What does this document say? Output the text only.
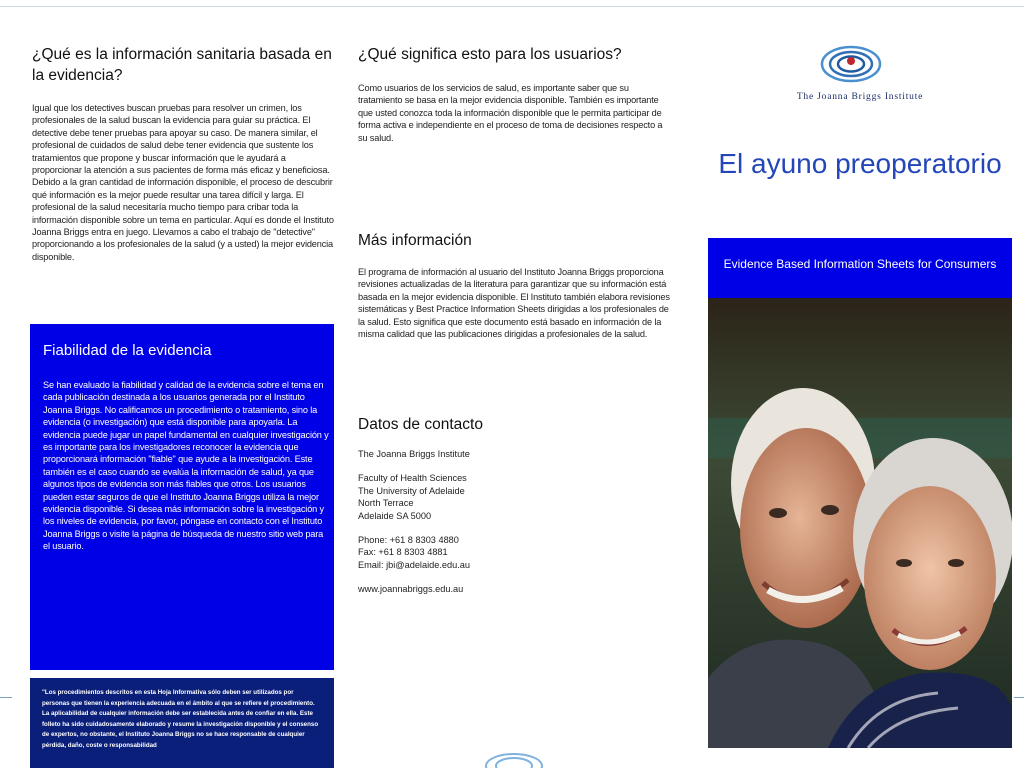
¿Qué es la información sanitaria basada en la evidencia?
Igual que los detectives buscan pruebas para resolver un crimen, los profesionales de la salud buscan la evidencia para guiar su práctica. El detective debe tener pruebas para apoyar su caso. De manera similar, el profesional de cuidados de salud debe tener evidencia que sustente los tratamientos que propone y buscar información que le ayudará a proporcionar la atención a sus pacientes de forma más eficaz y beneficiosa. Debido a la gran cantidad de información disponible, el proceso de descubrir qué información es la mejor puede resultar una tarea difícil y larga. El profesional de la salud necesitaría mucho tiempo para cribar toda la información disponible sobre un tema en particular. Aquí es donde el Instituto Joanna Briggs entra en juego. Llevamos a cabo el trabajo de "detective" proporcionando a los profesionales de la salud (y a usted) la mejor evidencia disponible.
Fiabilidad de la evidencia
Se han evaluado la fiabilidad y calidad de la evidencia sobre el tema en cada publicación destinada a los usuarios generada por el Instituto Joanna Briggs. No calificamos un procedimiento o tratamiento, sino la evidencia (o investigación) que está disponible para apoyarla. La evidencia puede jugar un papel fundamental en cualquier investigación y es importante para los investigadores reconocer la evidencia que proporcionará información "fiable" que ayude a la investigación. Este también es el caso cuando se evalúa la información de salud, ya que algunos tipos de evidencia son más fiables que otros. Los usuarios pueden estar seguros de que el Instituto Joanna Briggs utiliza la mejor evidencia disponible. Si desea más información sobre la investigación y los niveles de evidencia, por favor, póngase en contacto con el Instituto Joanna Briggs o visite la página de búsqueda de nuestro sitio web para el usuario.
"Los procedimientos descritos en esta Hoja Informativa sólo deben ser utilizados por personas que tienen la experiencia adecuada en el ámbito al que se refiere el procedimiento. La aplicabilidad de cualquier información debe ser establecida antes de confiar en ella. Este folleto ha sido cuidadosamente elaborado y resume la investigación disponible y el consenso de expertos, no obstante, el Instituto Joanna Briggs no se hace responsable de cualquier pérdida, daño, coste o responsabilidad
¿Qué significa esto para los usuarios?
Como usuarios de los servicios de salud, es importante saber que su tratamiento se basa en la mejor evidencia disponible. También es importante que usted conozca toda la información disponible que le permita participar de forma activa e independiente en el proceso de toma de decisiones respecto a su salud.
Más información
El programa de información al usuario del Instituto Joanna Briggs proporciona revisiones actualizadas de la literatura para garantizar que su información está basada en la mejor evidencia disponible. El Instituto también elabora revisiones sistemáticas y Best Practice Information Sheets dirigidas a los profesionales de la salud. Esto significa que este documento está basado en información de la misma calidad que las publicaciones dirigidas a profesionales de la salud.
Datos de contacto
The Joanna Briggs Institute
Faculty of Health Sciences
The University of Adelaide
North Terrace
Adelaide SA 5000
Phone: +61 8 8303 4880
Fax: +61 8 8303 4881
Email: jbi@adelaide.edu.au
www.joannabriggs.edu.au
The Joanna Briggs Institute
El ayuno preoperatorio
Evidence Based Information Sheets for Consumers
